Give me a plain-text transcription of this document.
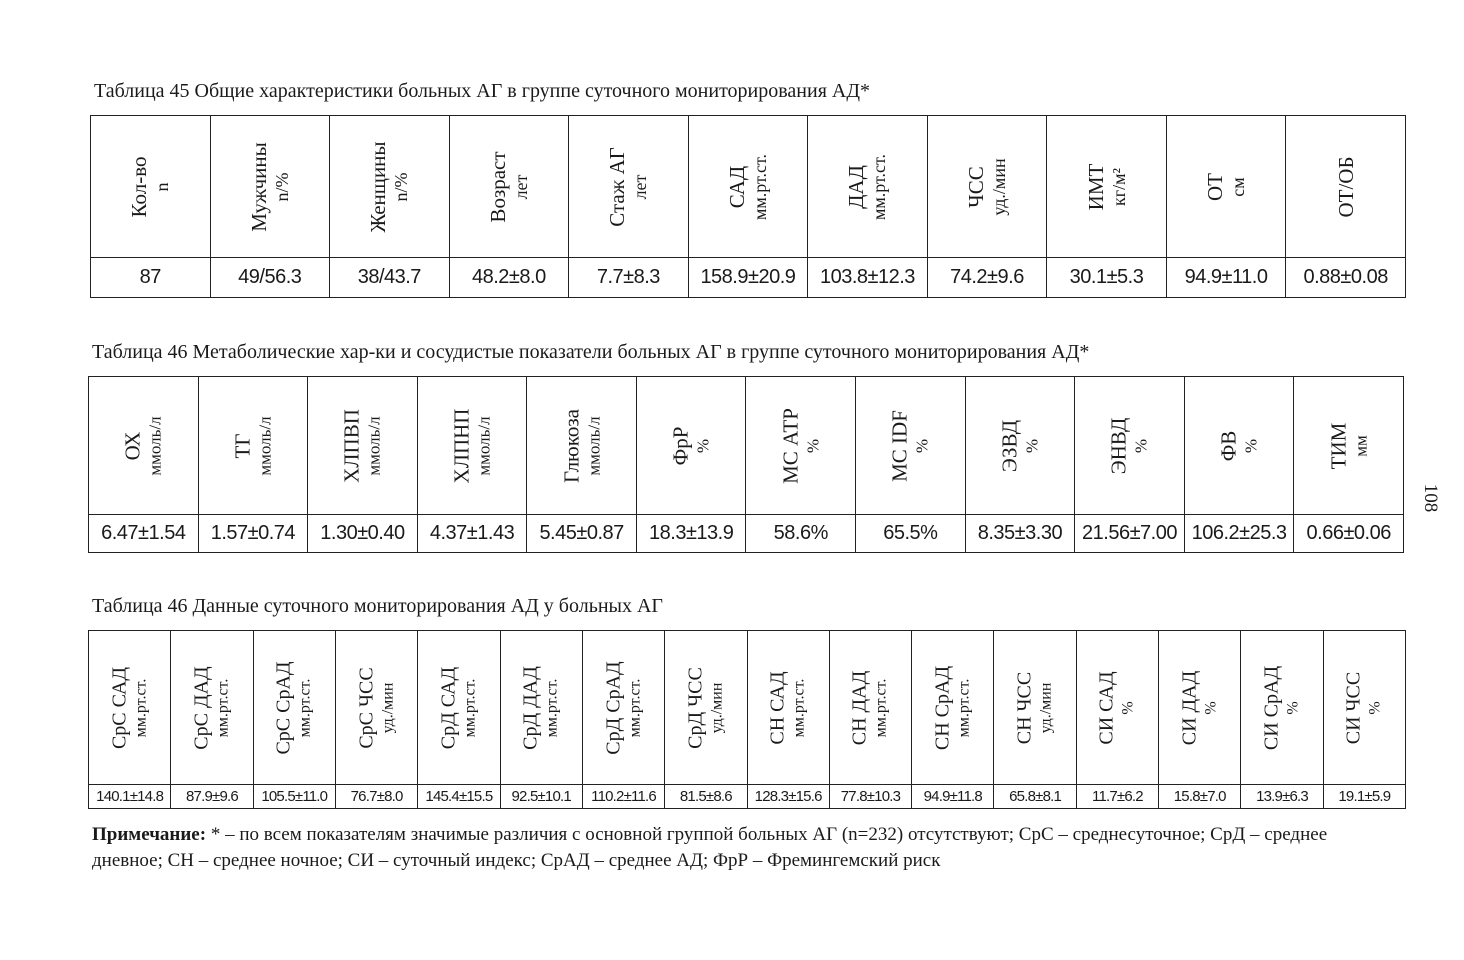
Таблица 45 Общие характеристики больных АГ в группе суточного мониторирования АД*
Кол-во n	Мужчины n/%	Женщины n/%	Возраст лет	Стаж АГ лет	САД мм.рт.ст.	ДАД мм.рт.ст.	ЧСС уд./мин	ИМТ кг/м²	ОТ см	ОТ/ОБ

87	49/56.3	38/43.7	48.2±8.0	7.7±8.3	158.9±20.9	103.8±12.3	74.2±9.6	30.1±5.3	94.9±11.0	0.88±0.08
Таблица 46 Метаболические хар-ки и сосудистые показатели больных АГ в группе суточного мониторирования АД*
ОХ ммоль/л	ТГ ммоль/л	ХЛПВП ммоль/л	ХЛПНП ммоль/л	Глюкоза ммоль/л	ФрР %	МС АТР %	МС IDF %	ЭЗВД %	ЭНВД %	ФВ %	ТИМ мм

6.47±1.54	1.57±0.74	1.30±0.40	4.37±1.43	5.45±0.87	18.3±13.9	58.6%	65.5%	8.35±3.30	21.56±7.00	106.2±25.3	0.66±0.06
Таблица 46 Данные суточного мониторирования АД у больных АГ
СрС САД мм.рт.ст.	СрС ДАД мм.рт.ст.	СрС СрАД мм.рт.ст.	СрС ЧСС уд./мин	СрД САД мм.рт.ст.	СрД ДАД мм.рт.ст.	СрД СрАД мм.рт.ст.	СрД ЧСС уд./мин	СН САД мм.рт.ст.	СН ДАД мм.рт.ст.	СН СрАД мм.рт.ст.	СН ЧСС уд./мин	СИ САД %	СИ ДАД %	СИ СрАД %	СИ ЧСС %

140.1±14.8	87.9±9.6	105.5±11.0	76.7±8.0	145.4±15.5	92.5±10.1	110.2±11.6	81.5±8.6	128.3±15.6	77.8±10.3	94.9±11.8	65.8±8.1	11.7±6.2	15.8±7.0	13.9±6.3	19.1±5.9
Примечание: * – по всем показателям значимые различия с основной группой больных АГ (n=232) отсутствуют; СрС – среднесуточное; СрД – среднее дневное; СН – среднее ночное; СИ – суточный индекс; СрАД – среднее АД; ФрР – Фремингемский риск
108
